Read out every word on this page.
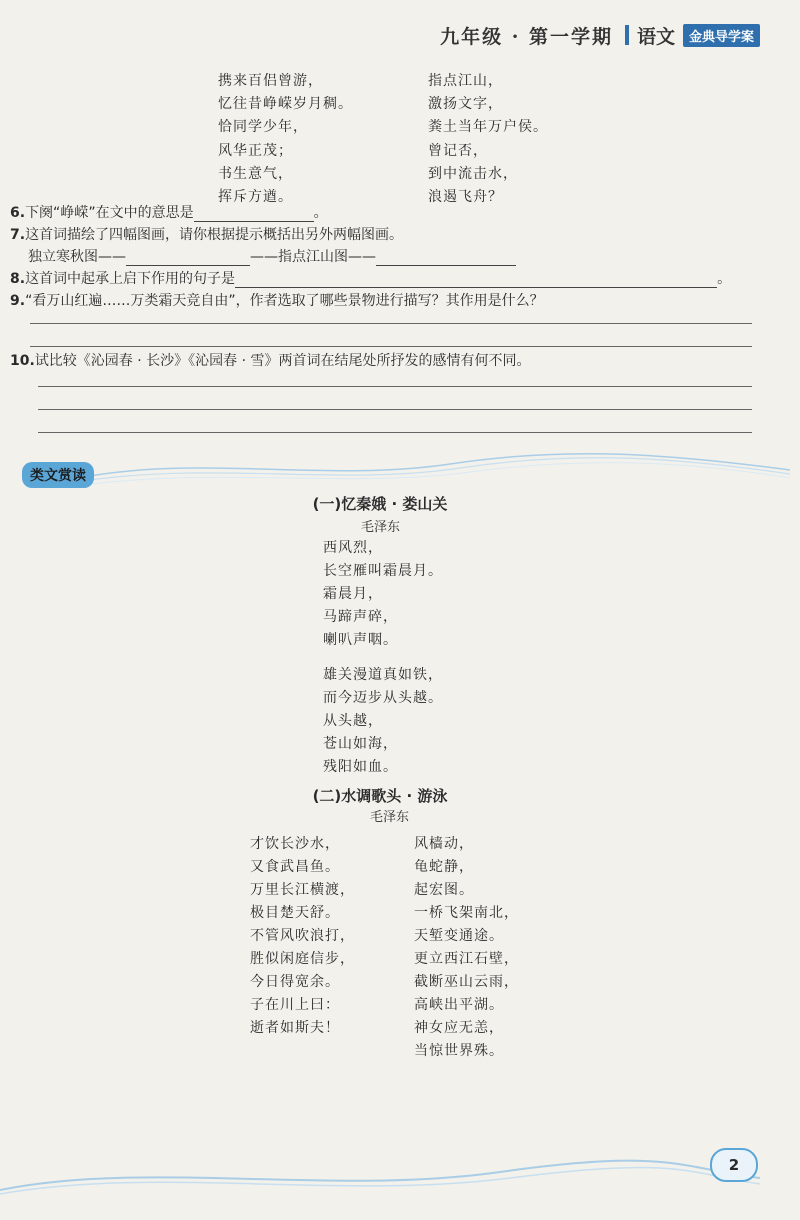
九年级 · 第一学期 语文	金典导学案
携来百侣曾游，
忆往昔峥嵘岁月稠。
恰同学少年，
风华正茂；
书生意气，
挥斥方遒。
指点江山，
激扬文字，
粪土当年万户侯。
曾记否，
到中流击水，
浪遏飞舟？
6.下阕“峥嵘”在文中的意思是	。
7.这首词描绘了四幅图画，请你根据提示概括出另外两幅图画。
独立寒秋图——	——指点江山图——
8.这首词中起承上启下作用的句子是	。
9.“看万山红遍……万类霜天竞自由”，作者选取了哪些景物进行描写？其作用是什么？
10.试比较《沁园春 · 长沙》《沁园春 · 雪》两首词在结尾处所抒发的感情有何不同。
类文赏读
(一)忆秦娥 · 娄山关
毛泽东
西风烈，
长空雁叫霜晨月。
霜晨月，
马蹄声碎，
喇叭声咽。
雄关漫道真如铁，
而今迈步从头越。
从头越，
苍山如海，
残阳如血。
(二)水调歌头 · 游泳
毛泽东
才饮长沙水，
又食武昌鱼。
万里长江横渡，
极目楚天舒。
不管风吹浪打，
胜似闲庭信步，
今日得宽余。
子在川上曰：
逝者如斯夫！
风樯动，
龟蛇静，
起宏图。
一桥飞架南北，
天堑变通途。
更立西江石壁，
截断巫山云雨，
高峡出平湖。
神女应无恙，
当惊世界殊。
2
